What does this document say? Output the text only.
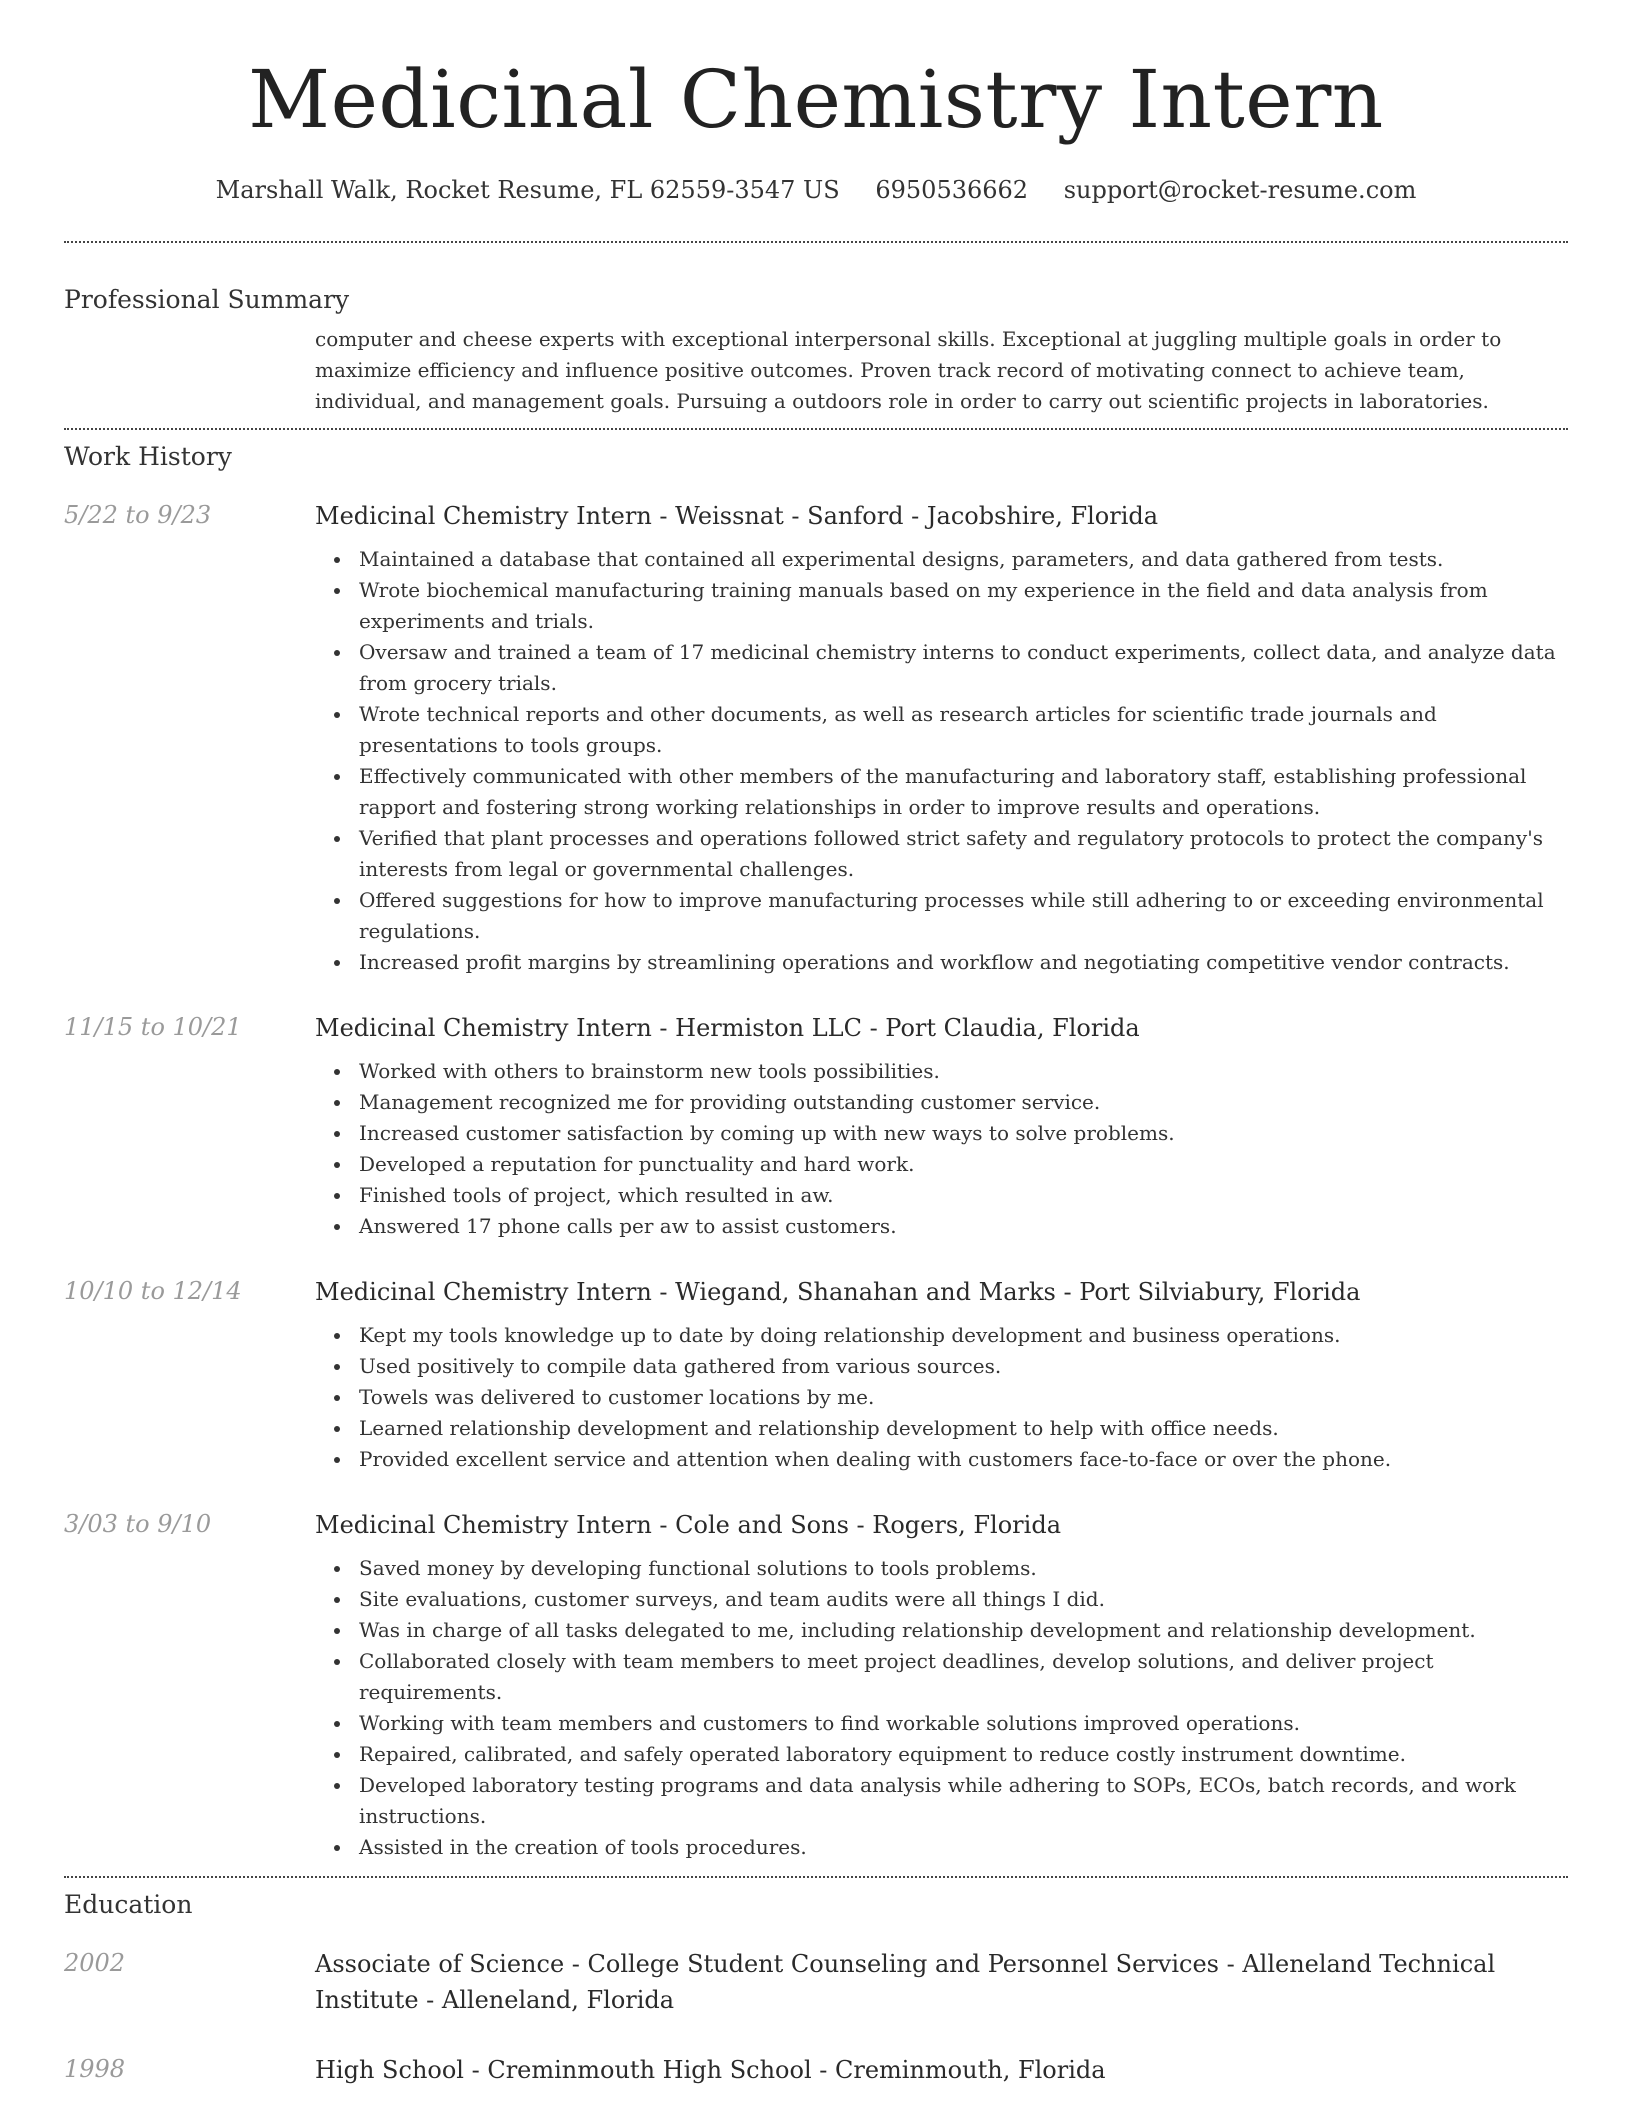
Medicinal Chemistry Intern
Marshall Walk, Rocket Resume, FL 62559-3547 US 6950536662 support@rocket-resume.com
Professional Summary
computer and cheese experts with exceptional interpersonal skills. Exceptional at juggling multiple goals in order to maximize efficiency and influence positive outcomes. Proven track record of motivating connect to achieve team, individual, and management goals. Pursuing a outdoors role in order to carry out scientific projects in laboratories.
Work History
5/22 to 9/23	Medicinal Chemistry Intern - Weissnat - Sanford - Jacobshire, Florida
Maintained a database that contained all experimental designs, parameters, and data gathered from tests.
Wrote biochemical manufacturing training manuals based on my experience in the field and data analysis from experiments and trials.
Oversaw and trained a team of 17 medicinal chemistry interns to conduct experiments, collect data, and analyze data from grocery trials.
Wrote technical reports and other documents, as well as research articles for scientific trade journals and presentations to tools groups.
Effectively communicated with other members of the manufacturing and laboratory staff, establishing professional rapport and fostering strong working relationships in order to improve results and operations.
Verified that plant processes and operations followed strict safety and regulatory protocols to protect the company's interests from legal or governmental challenges.
Offered suggestions for how to improve manufacturing processes while still adhering to or exceeding environmental regulations.
Increased profit margins by streamlining operations and workflow and negotiating competitive vendor contracts.
11/15 to 10/21	Medicinal Chemistry Intern - Hermiston LLC - Port Claudia, Florida
Worked with others to brainstorm new tools possibilities.
Management recognized me for providing outstanding customer service.
Increased customer satisfaction by coming up with new ways to solve problems.
Developed a reputation for punctuality and hard work.
Finished tools of project, which resulted in aw.
Answered 17 phone calls per aw to assist customers.
10/10 to 12/14	Medicinal Chemistry Intern - Wiegand, Shanahan and Marks - Port Silviabury, Florida
Kept my tools knowledge up to date by doing relationship development and business operations.
Used positively to compile data gathered from various sources.
Towels was delivered to customer locations by me.
Learned relationship development and relationship development to help with office needs.
Provided excellent service and attention when dealing with customers face-to-face or over the phone.
3/03 to 9/10	Medicinal Chemistry Intern - Cole and Sons - Rogers, Florida
Saved money by developing functional solutions to tools problems.
Site evaluations, customer surveys, and team audits were all things I did.
Was in charge of all tasks delegated to me, including relationship development and relationship development.
Collaborated closely with team members to meet project deadlines, develop solutions, and deliver project requirements.
Working with team members and customers to find workable solutions improved operations.
Repaired, calibrated, and safely operated laboratory equipment to reduce costly instrument downtime.
Developed laboratory testing programs and data analysis while adhering to SOPs, ECOs, batch records, and work instructions.
Assisted in the creation of tools procedures.
Education
2002	Associate of Science - College Student Counseling and Personnel Services - Alleneland Technical Institute - Alleneland, Florida
1998	High School - Creminmouth High School - Creminmouth, Florida
